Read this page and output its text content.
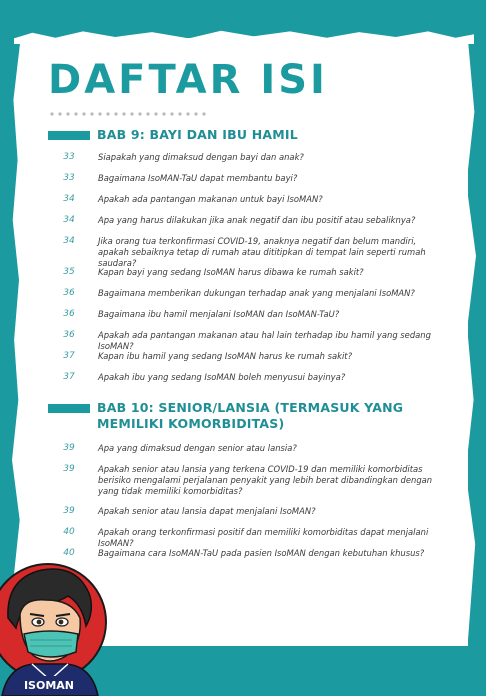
DAFTAR ISI
BAB 9: BAYI DAN IBU HAMIL
33	Siapakah yang dimaksud dengan bayi dan anak?
33	Bagaimana IsoMAN-TaU dapat membantu bayi?
34	Apakah ada pantangan makanan untuk bayi IsoMAN?
34	Apa yang harus dilakukan jika anak negatif dan ibu positif atau sebaliknya?
34	Jika orang tua terkonfirmasi COVID-19, anaknya negatif dan belum mandiri, apakah sebaiknya tetap di rumah atau dititipkan di tempat lain seperti rumah saudara?
35	Kapan bayi yang sedang IsoMAN harus dibawa ke rumah sakit?
36	Bagaimana memberikan dukungan terhadap anak yang menjalani IsoMAN?
36	Bagaimana ibu hamil menjalani IsoMAN dan IsoMAN-TaU?
36	Apakah ada pantangan makanan atau hal lain terhadap ibu hamil yang sedang IsoMAN?
37	Kapan ibu hamil yang sedang IsoMAN harus ke rumah sakit?
37	Apakah ibu yang sedang IsoMAN boleh menyusui bayinya?
BAB 10: SENIOR/LANSIA (TERMASUK YANG MEMILIKI KOMORBIDITAS)
39	Apa yang dimaksud dengan senior atau lansia?
39	Apakah senior atau lansia yang terkena COVID-19 dan memiliki komorbiditas berisiko mengalami perjalanan penyakit yang lebih berat dibandingkan dengan yang tidak memiliki komorbiditas?
39	Apakah senior atau lansia dapat menjalani IsoMAN?
40	Apakah orang terkonfirmasi positif dan memiliki komorbiditas dapat menjalani IsoMAN?
40	Bagaimana cara IsoMAN-TaU pada pasien IsoMAN dengan kebutuhan khusus?
ISOMAN
